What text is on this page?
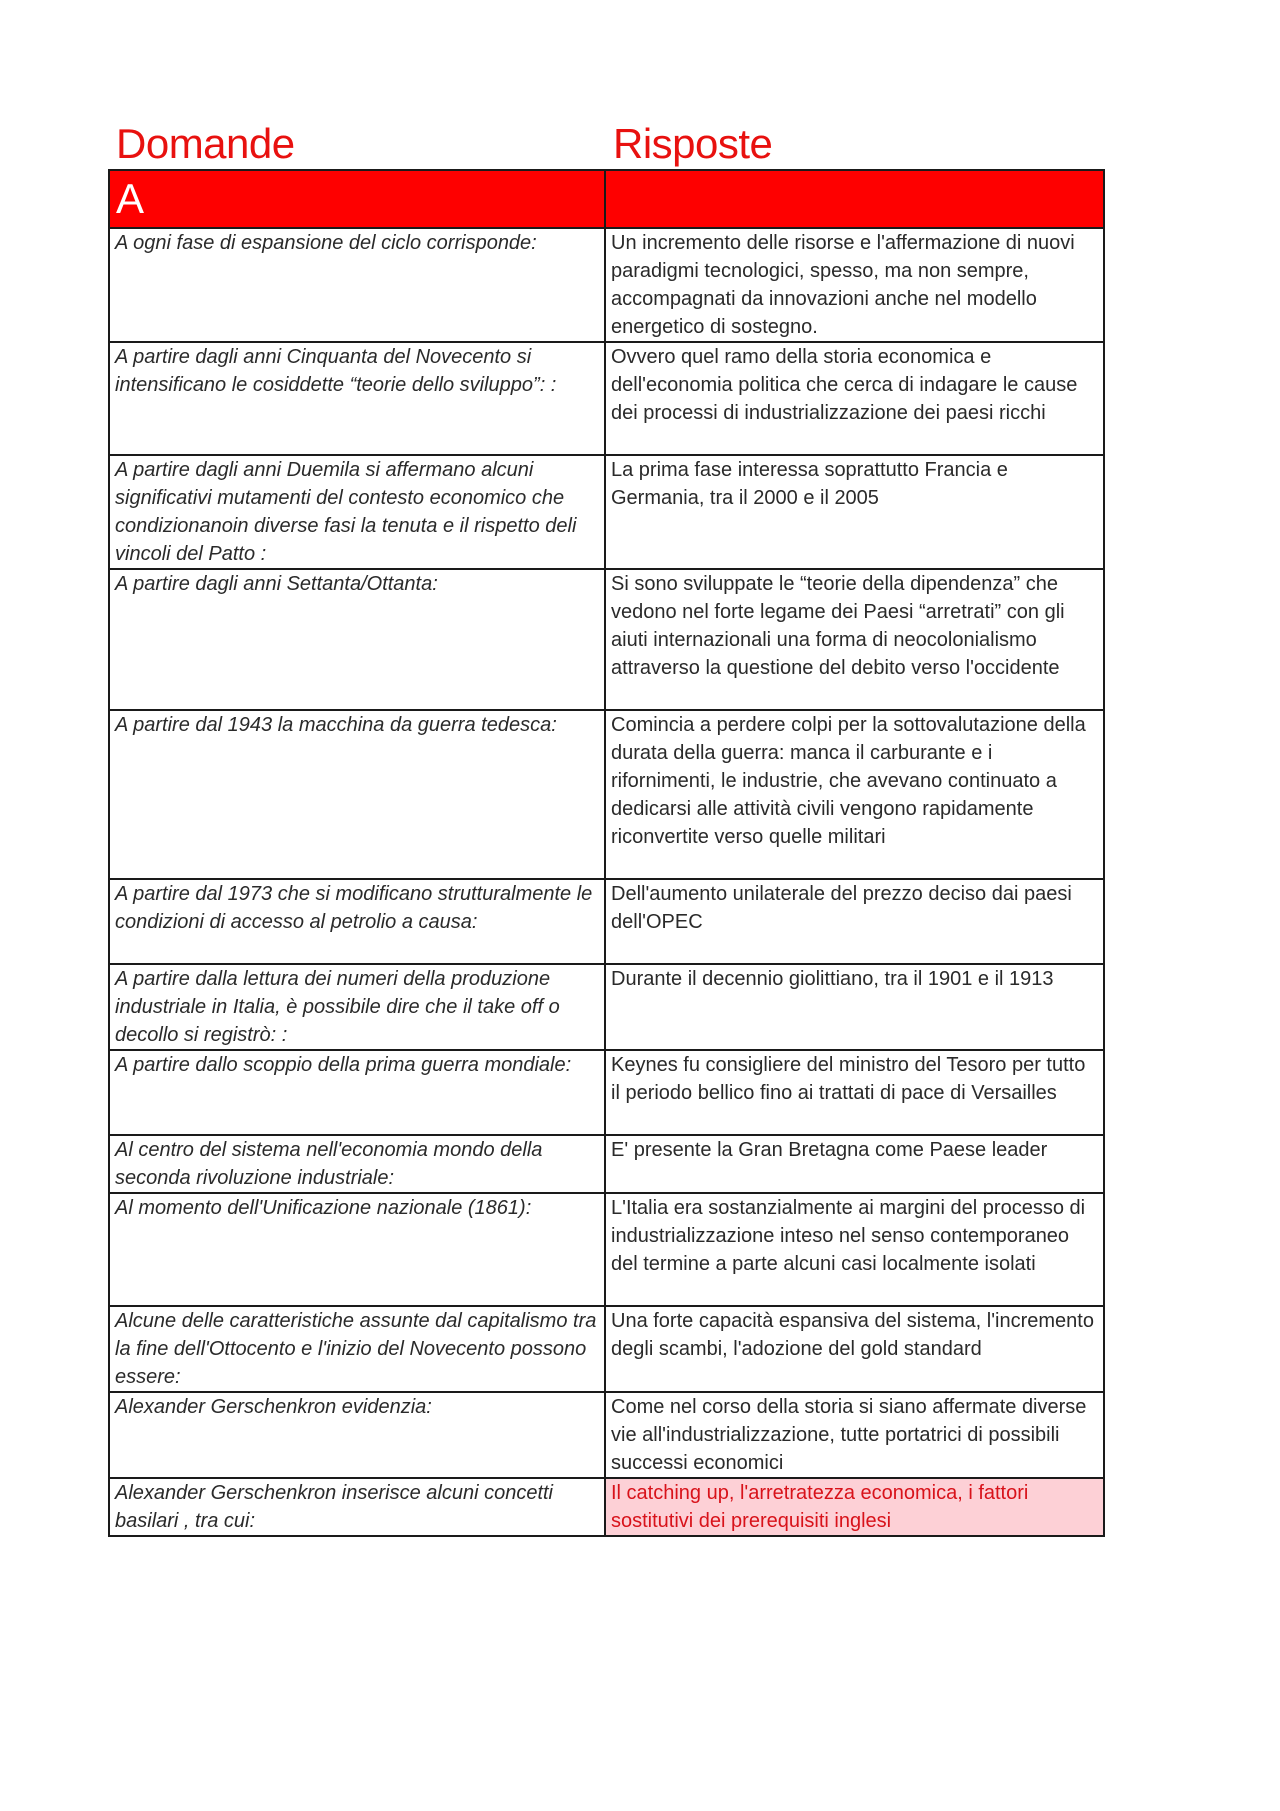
Domande	Risposte
A	
A ogni fase di espansione del ciclo corrisponde:	Un incremento delle risorse e l'affermazione di nuovi paradigmi tecnologici, spesso, ma non sempre, accompagnati da innovazioni anche nel modello energetico di sostegno.
A partire dagli anni Cinquanta del Novecento si intensificano le cosiddette “teorie dello sviluppo”: :	Ovvero quel ramo della storia economica e dell'economia politica che cerca di indagare le cause dei processi di industrializzazione dei paesi ricchi
A partire dagli anni Duemila si affermano alcuni significativi mutamenti del contesto economico che condizionanoin diverse fasi la tenuta e il rispetto deli vincoli del Patto :	La prima fase interessa soprattutto Francia e Germania, tra il 2000 e il 2005
A partire dagli anni Settanta/Ottanta:	Si sono sviluppate le “teorie della dipendenza” che vedono nel forte legame dei Paesi “arretrati” con gli aiuti internazionali una forma di neocolonialismo attraverso la questione del debito verso l'occidente
A partire dal 1943 la macchina da guerra tedesca:	Comincia a perdere colpi per la sottovalutazione della durata della guerra: manca il carburante e i rifornimenti, le industrie, che avevano continuato a dedicarsi alle attività civili vengono rapidamente riconvertite verso quelle militari
A partire dal 1973 che si modificano strutturalmente le condizioni di accesso al petrolio a causa:	Dell'aumento unilaterale del prezzo deciso dai paesi dell'OPEC
A partire dalla lettura dei numeri della produzione industriale in Italia, è possibile dire che il take off o decollo si registrò: :	Durante il decennio giolittiano, tra il 1901 e il 1913
A partire dallo scoppio della prima guerra mondiale:	Keynes fu consigliere del ministro del Tesoro per tutto il periodo bellico fino ai trattati di pace di Versailles
Al centro del sistema nell'economia mondo della seconda rivoluzione industriale:	E' presente la Gran Bretagna come Paese leader
Al momento dell'Unificazione nazionale (1861):	L'Italia era sostanzialmente ai margini del processo di industrializzazione inteso nel senso contemporaneo del termine a parte alcuni casi localmente isolati
Alcune delle caratteristiche assunte dal capitalismo tra la fine dell'Ottocento e l'inizio del Novecento possono essere:	Una forte capacità espansiva del sistema, l'incremento degli scambi, l'adozione del gold standard
Alexander Gerschenkron evidenzia:	Come nel corso della storia si siano affermate diverse vie all'industrializzazione, tutte portatrici di possibili successi economici
Alexander Gerschenkron inserisce alcuni concetti basilari , tra cui:	Il catching up, l'arretratezza economica, i fattori sostitutivi dei prerequisiti inglesi
